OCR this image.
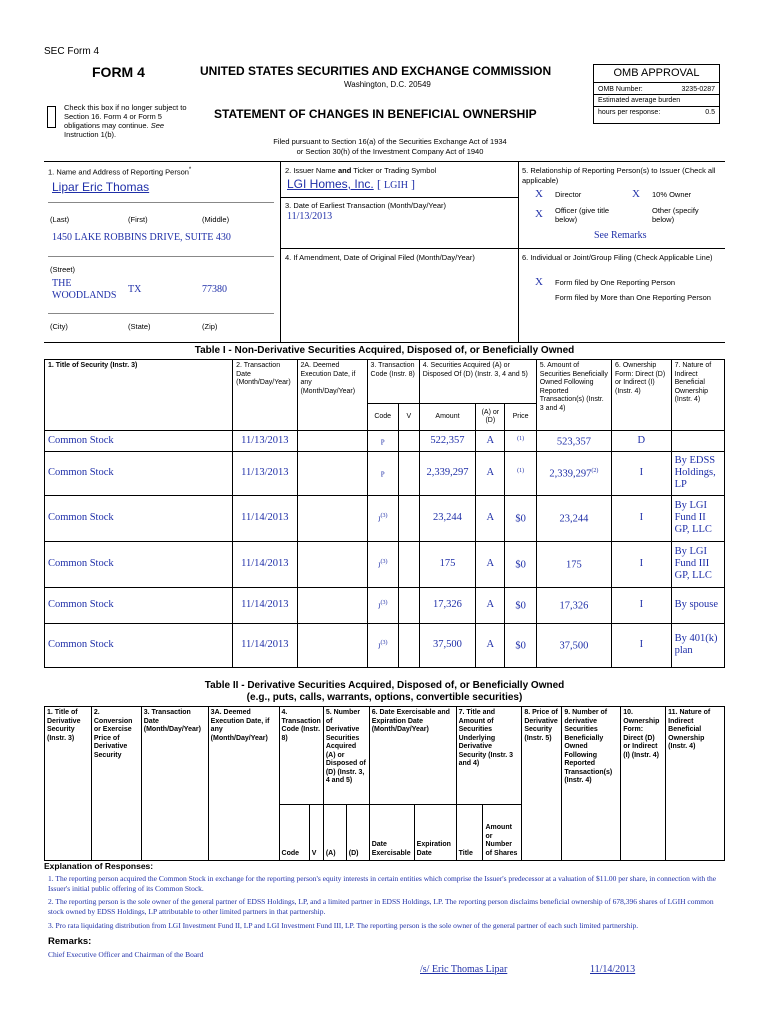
SEC Form 4
FORM 4	UNITED STATES SECURITIES AND EXCHANGE COMMISSION
Washington, D.C. 20549
Check this box if no longer subject to Section 16. Form 4 or Form 5 obligations may continue. See Instruction 1(b).
STATEMENT OF CHANGES IN BENEFICIAL OWNERSHIP
Filed pursuant to Section 16(a) of the Securities Exchange Act of 1934
or Section 30(h) of the Investment Company Act of 1940
OMB APPROVAL
OMB Number:	3235-0287
Estimated average burden
hours per response:	0.5
1. Name and Address of Reporting Person*
Lipar Eric Thomas
(Last)	(First)	(Middle)
1450 LAKE ROBBINS DRIVE, SUITE 430
(Street)
THE
WOODLANDS
TX	77380
(City)	(State)	(Zip)
2. Issuer Name and Ticker or Trading Symbol
LGI Homes, Inc. [ LGIH ]
3. Date of Earliest Transaction (Month/Day/Year)
11/13/2013
4. If Amendment, Date of Original Filed (Month/Day/Year)
5. Relationship of Reporting Person(s) to Issuer (Check all applicable)
X Director	X 10% Owner
X Officer (give title below)
Other (specify below)
See Remarks
6. Individual or Joint/Group Filing (Check Applicable Line)
X Form filed by One Reporting Person
Form filed by More than One Reporting Person
Table I - Non-Derivative Securities Acquired, Disposed of, or Beneficially Owned
1. Title of Security (Instr. 3)	2. Transaction Date (Month/Day/Year)	2A. Deemed Execution Date, if any (Month/Day/Year)	3. Transaction Code (Instr. 8)		4. Securities Acquired (A) or Disposed Of (D) (Instr. 3, 4 and 5)			5. Amount of Securities Beneficially Owned Following Reported Transaction(s) (Instr. 3 and 4)	6. Ownership Form: Direct (D) or Indirect (I) (Instr. 4)	7. Nature of Indirect Beneficial Ownership (Instr. 4)
			Code	V	Amount	(A) or (D)	Price			
Common Stock	11/13/2013		P		522,357	A	$^{(1)}$	523,357	D	
Common Stock	11/13/2013		P		2,339,297	A	$^{(1)}$	2,339,297$^{(2)}$	I	By EDSS Holdings, LP
Common Stock	11/14/2013		$J^{(3)}$		23,244	A	$0	23,244	I	By LGI Fund II GP, LLC
Common Stock	11/14/2013		$J^{(3)}$		175	A	$0	175	I	By LGI Fund III GP, LLC
Common Stock	11/14/2013		$J^{(3)}$		17,326	A	$0	17,326	I	By spouse
Common Stock	11/14/2013		$J^{(3)}$		37,500	A	$0	37,500	I	By 401(k) plan
Table II - Derivative Securities Acquired, Disposed of, or Beneficially Owned
(e.g., puts, calls, warrants, options, convertible securities)
1. Title of Derivative Security (Instr. 3)	2. Conversion or Exercise Price of Derivative Security	3. Transaction Date (Month/Day/Year)	3A. Deemed Execution Date, if any (Month/Day/Year)	4. Transaction Code (Instr. 8)		5. Number of Derivative Securities Acquired (A) or Disposed of (D) (Instr. 3, 4 and 5)		6. Date Exercisable and Expiration Date (Month/Day/Year)		7. Title and Amount of Securities Underlying Derivative Security (Instr. 3 and 4)		8. Price of Derivative Security (Instr. 5)	9. Number of derivative Securities Beneficially Owned Following Reported Transaction(s) (Instr. 4)	10. Ownership Form: Direct (D) or Indirect (I) (Instr. 4)	11. Nature of Indirect Beneficial Ownership (Instr. 4)
				Code	V	(A)	(D)	Date Exercisable	Expiration Date	Title	Amount or Number of Shares				
Explanation of Responses:
1. The reporting person acquired the Common Stock in exchange for the reporting person's equity interests in certain entities which comprise the Issuer's predecessor at a valuation of $11.00 per share, in connection with the Issuer's initial public offering of its Common Stock.
2. The reporting person is the sole owner of the general partner of EDSS Holdings, LP, and a limited partner in EDSS Holdings, LP. The reporting person disclaims beneficial ownership of 678,396 shares of LGIH common stock owned by EDSS Holdings, LP attributable to other limited partners in that partnership.
3. Pro rata liquidating distribution from LGI Investment Fund II, LP and LGI Investment Fund III, LP. The reporting person is the sole owner of the general partner of each such limited partnership.
Remarks:
Chief Executive Officer and Chairman of the Board
/s/ Eric Thomas Lipar	11/14/2013
